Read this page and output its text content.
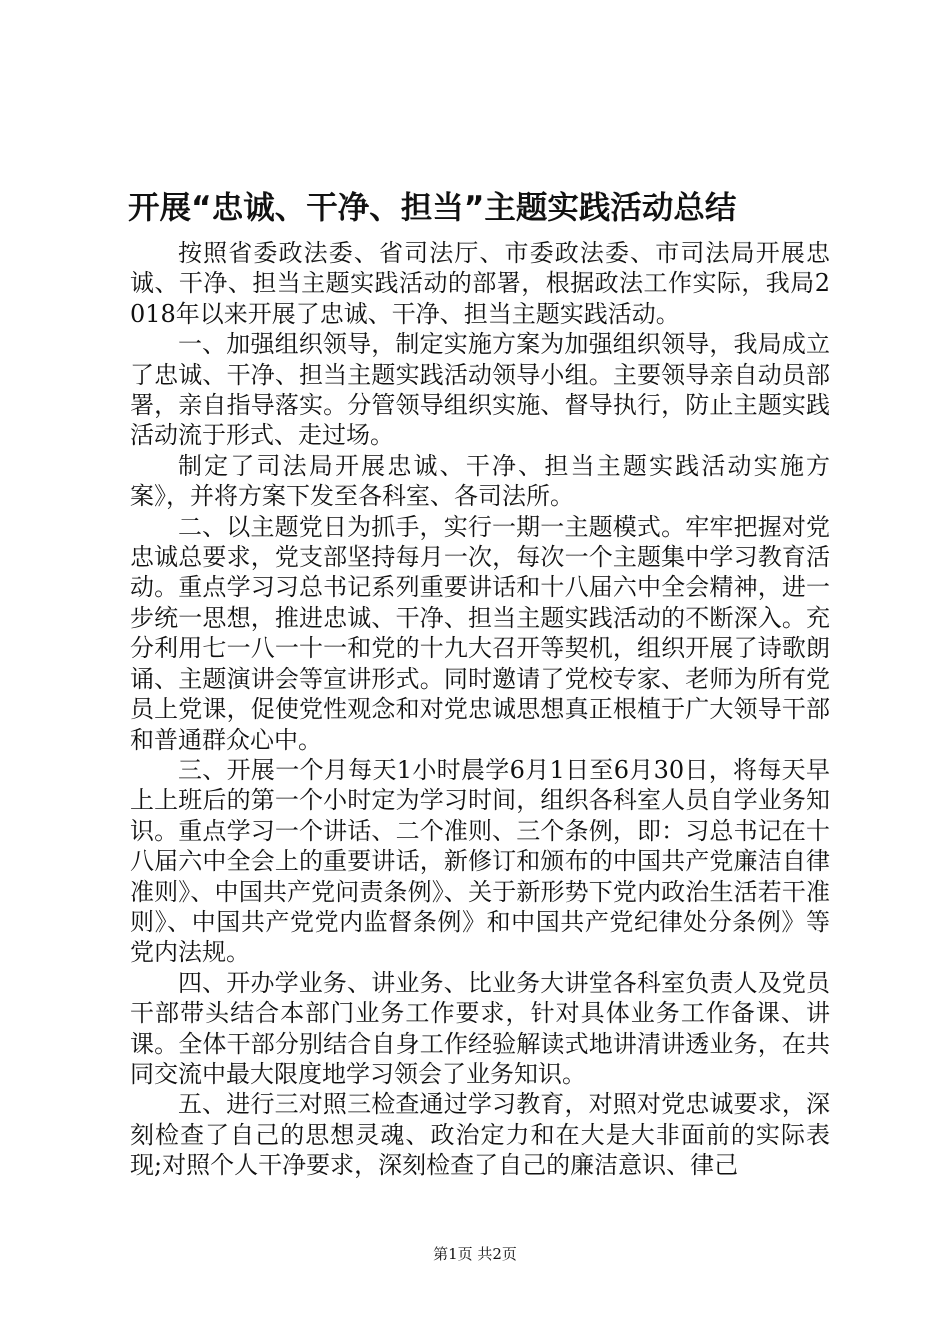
开展“忠诚、干净、担当”主题实践活动总结

按照省委政法委、省司法厅、市委政法委、市司法局开展忠诚、干净、担当主题实践活动的部署，根据政法工作实际，我局2018年以来开展了忠诚、干净、担当主题实践活动。

一、加强组织领导，制定实施方案为加强组织领导，我局成立了忠诚、干净、担当主题实践活动领导小组。主要领导亲自动员部署，亲自指导落实。分管领导组织实施、督导执行，防止主题实践活动流于形式、走过场。

制定了司法局开展忠诚、干净、担当主题实践活动实施方案》，并将方案下发至各科室、各司法所。

二、以主题党日为抓手，实行一期一主题模式。牢牢把握对党忠诚总要求，党支部坚持每月一次，每次一个主题集中学习教育活动。重点学习习总书记系列重要讲话和十八届六中全会精神，进一步统一思想，推进忠诚、干净、担当主题实践活动的不断深入。充分利用七一八一十一和党的十九大召开等契机，组织开展了诗歌朗诵、主题演讲会等宣讲形式。同时邀请了党校专家、老师为所有党员上党课，促使党性观念和对党忠诚思想真正根植于广大领导干部和普通群众心中。

三、开展一个月每天1小时晨学6月1日至6月30日，将每天早上上班后的第一个小时定为学习时间，组织各科室人员自学业务知识。重点学习一个讲话、二个准则、三个条例，即：习总书记在十八届六中全会上的重要讲话，新修订和颁布的中国共产党廉洁自律准则》、中国共产党问责条例》、关于新形势下党内政治生活若干准则》、中国共产党党内监督条例》和中国共产党纪律处分条例》等党内法规。

四、开办学业务、讲业务、比业务大讲堂各科室负责人及党员干部带头结合本部门业务工作要求，针对具体业务工作备课、讲课。全体干部分别结合自身工作经验解读式地讲清讲透业务，在共同交流中最大限度地学习领会了业务知识。

五、进行三对照三检查通过学习教育，对照对党忠诚要求，深刻检查了自己的思想灵魂、政治定力和在大是大非面前的实际表现;对照个人干净要求，深刻检查了自己的廉洁意识、律己

第1页 共2页
